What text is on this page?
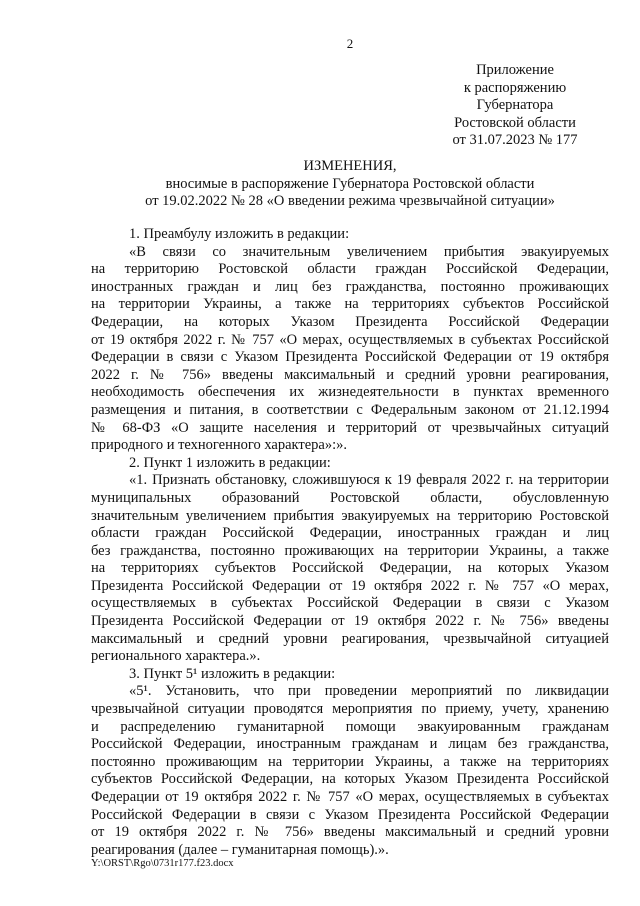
2
Приложение
к распоряжению
Губернатора
Ростовской области
от 31.07.2023 № 177
ИЗМЕНЕНИЯ,
вносимые в распоряжение Губернатора Ростовской области
от 19.02.2022 № 28 «О введении режима чрезвычайной ситуации»
1. Преамбулу изложить в редакции:
«В связи со значительным увеличением прибытия эвакуируемых
на территорию Ростовской области граждан Российской Федерации,
иностранных граждан и лиц без гражданства, постоянно проживающих
на территории Украины, а также на территориях субъектов Российской
Федерации, на которых Указом Президента Российской Федерации
от 19 октября 2022 г. № 757 «О мерах, осуществляемых в субъектах Российской
Федерации в связи с Указом Президента Российской Федерации от 19 октября
2022 г. № 756» введены максимальный и средний уровни реагирования,
необходимость обеспечения их жизнедеятельности в пунктах временного
размещения и питания, в соответствии с Федеральным законом от 21.12.1994
№ 68-ФЗ «О защите населения и территорий от чрезвычайных ситуаций
природного и техногенного характера»:».
2. Пункт 1 изложить в редакции:
«1. Признать обстановку, сложившуюся к 19 февраля 2022 г. на территории
муниципальных образований Ростовской области, обусловленную
значительным увеличением прибытия эвакуируемых на территорию Ростовской
области граждан Российской Федерации, иностранных граждан и лиц
без гражданства, постоянно проживающих на территории Украины, а также
на территориях субъектов Российской Федерации, на которых Указом
Президента Российской Федерации от 19 октября 2022 г. № 757 «О мерах,
осуществляемых в субъектах Российской Федерации в связи с Указом
Президента Российской Федерации от 19 октября 2022 г. № 756» введены
максимальный и средний уровни реагирования, чрезвычайной ситуацией
регионального характера.».
3. Пункт 5¹ изложить в редакции:
«5¹. Установить, что при проведении мероприятий по ликвидации
чрезвычайной ситуации проводятся мероприятия по приему, учету, хранению
и распределению гуманитарной помощи эвакуированным гражданам
Российской Федерации, иностранным гражданам и лицам без гражданства,
постоянно проживающим на территории Украины, а также на территориях
субъектов Российской Федерации, на которых Указом Президента Российской
Федерации от 19 октября 2022 г. № 757 «О мерах, осуществляемых в субъектах
Российской Федерации в связи с Указом Президента Российской Федерации
от 19 октября 2022 г. № 756» введены максимальный и средний уровни
реагирования (далее – гуманитарная помощь).».
Y:\ORST\Rgo\0731r177.f23.docx
